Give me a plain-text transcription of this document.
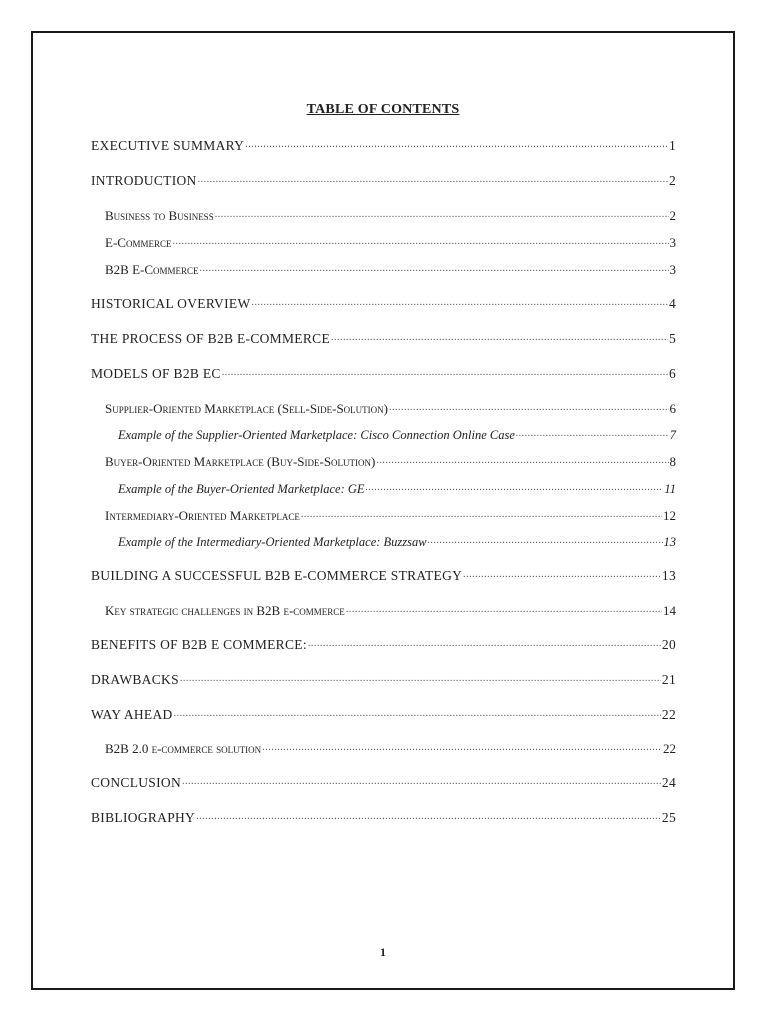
TABLE OF CONTENTS
EXECUTIVE SUMMARY .....	1
INTRODUCTION .....	2
Business to Business .....	2
E-Commerce .....	3
B2B E-Commerce .....	3
HISTORICAL OVERVIEW .....	4
THE PROCESS OF B2B E-COMMERCE .....	5
MODELS OF B2B EC .....	6
Supplier-Oriented Marketplace (Sell-Side-Solution) .....	6
Example of the Supplier-Oriented Marketplace: Cisco Connection Online Case .....	7
Buyer-Oriented Marketplace (Buy-Side-Solution) .....	8
Example of the Buyer-Oriented Marketplace: GE .....	11
Intermediary-Oriented Marketplace .....	12
Example of the Intermediary-Oriented Marketplace: Buzzsaw .....	13
BUILDING A SUCCESSFUL B2B E-COMMERCE STRATEGY .....	13
Key strategic challenges in B2B e-commerce .....	14
BENEFITS OF B2B E COMMERCE: .....	20
DRAWBACKS .....	21
WAY AHEAD .....	22
B2B 2.0 e-commerce solution .....	22
CONCLUSION .....	24
BIBLIOGRAPHY .....	25
1
